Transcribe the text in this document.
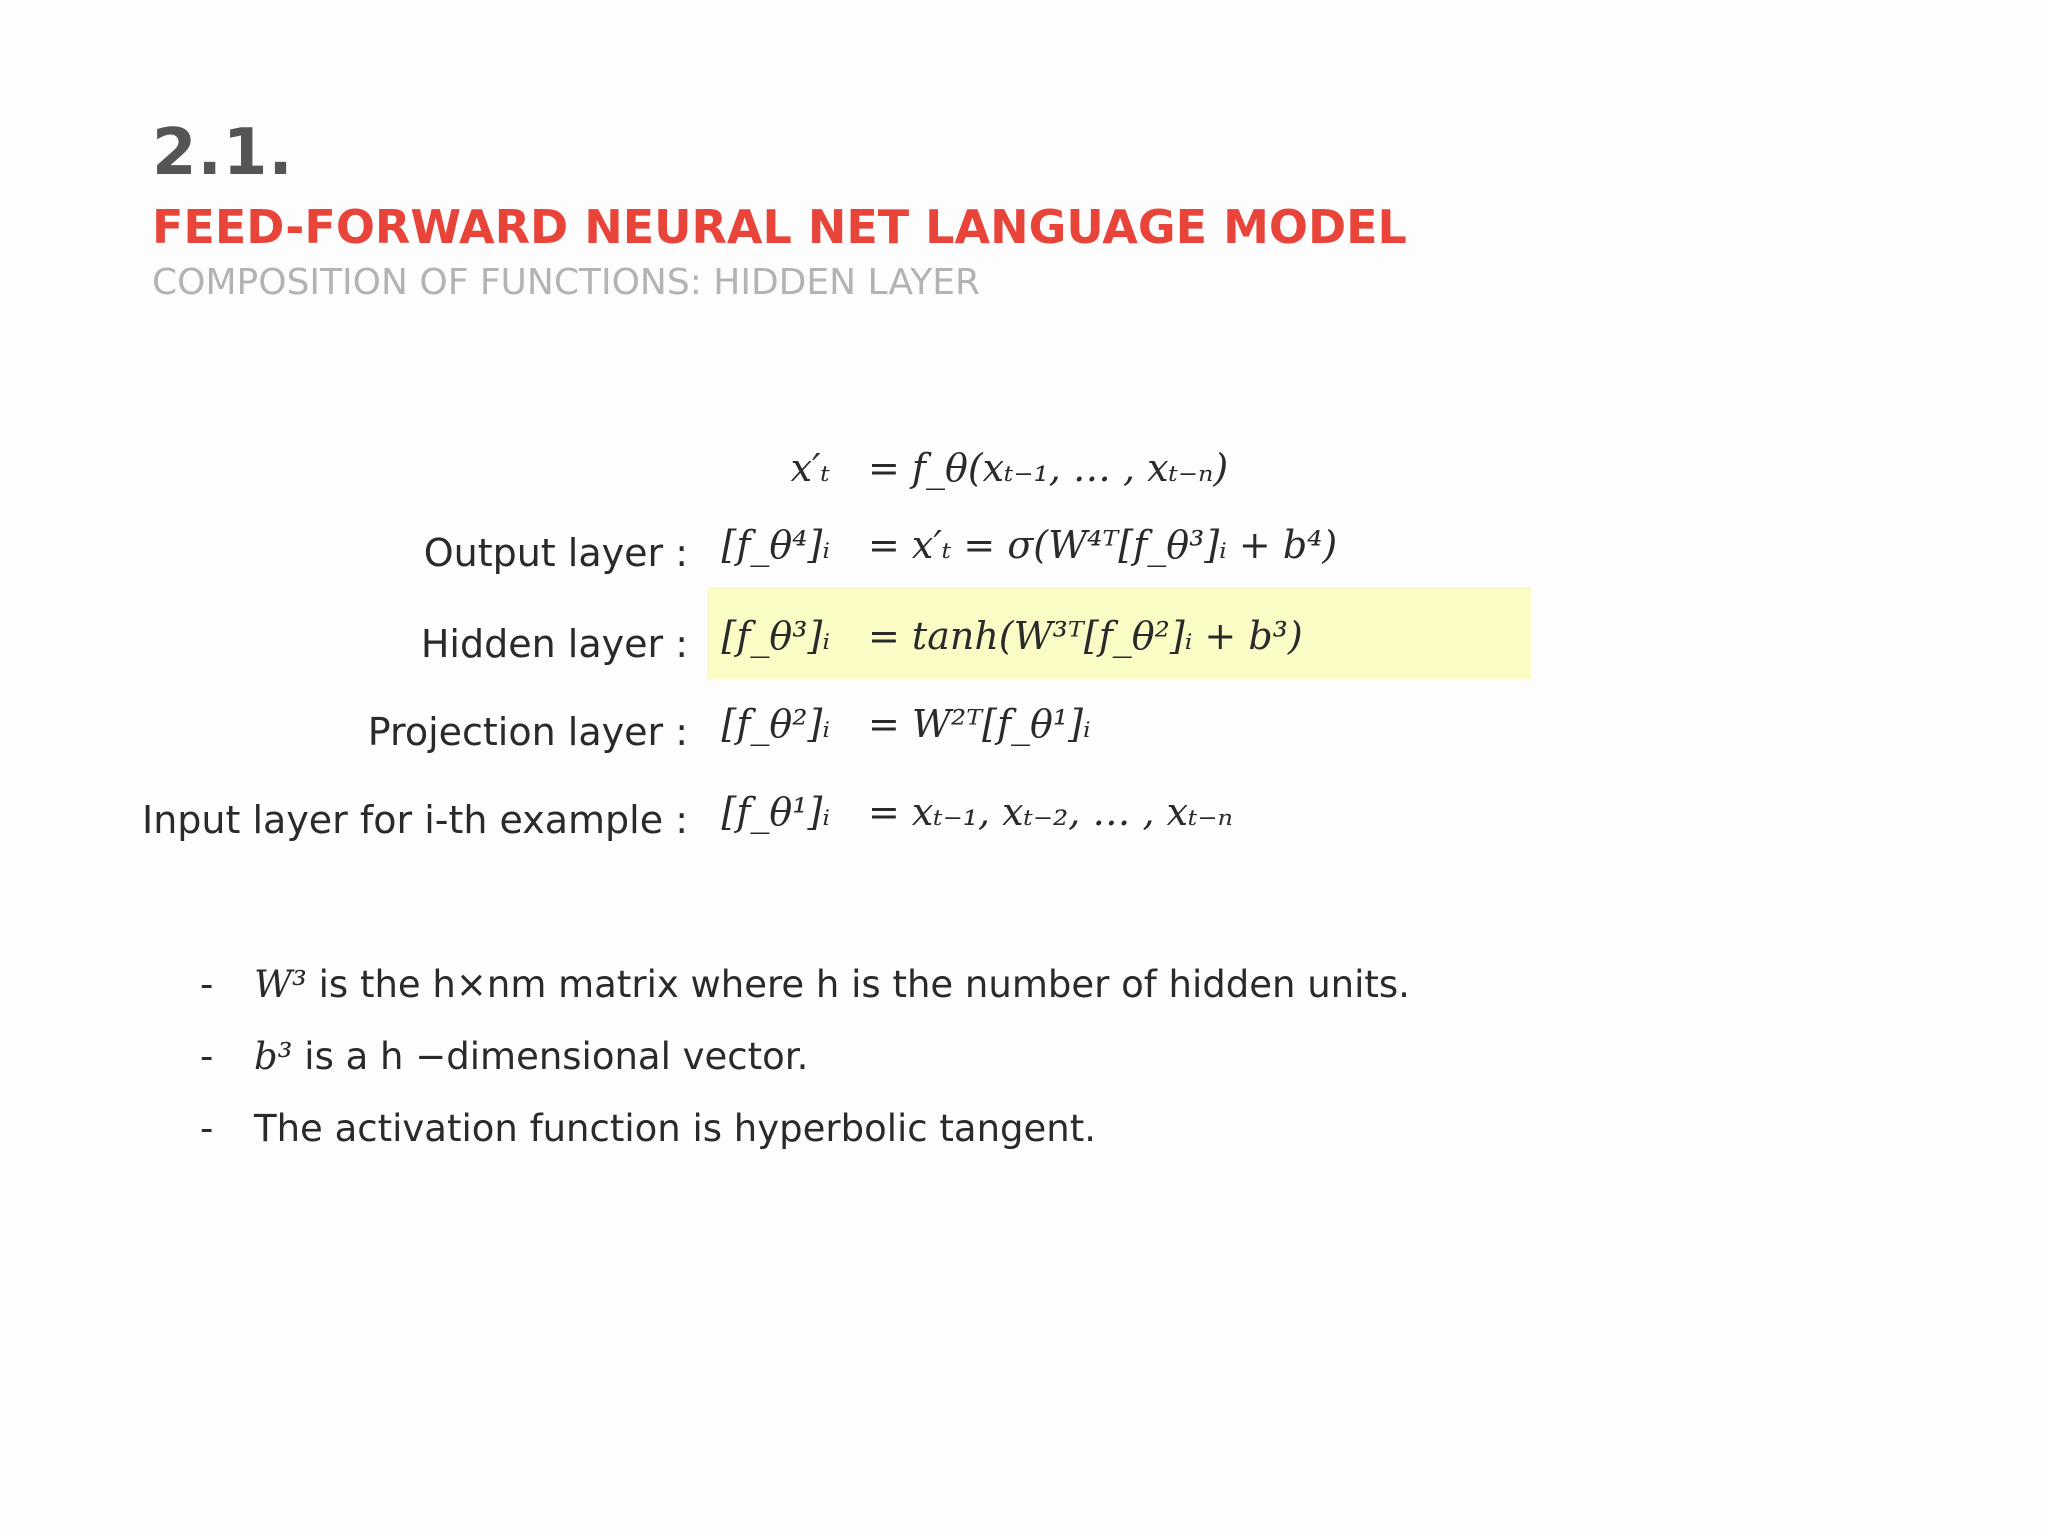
2.1.
FEED-FORWARD NEURAL NET LANGUAGE MODEL
COMPOSITION OF FUNCTIONS: HIDDEN LAYER
x′ₜ = f_θ(xₜ₋₁, … , xₜ₋ₙ)
Output layer : [f_θ⁴]ᵢ = x′ₜ = σ(W⁴ᵀ[f_θ³]ᵢ + b⁴)
Hidden layer : [f_θ³]ᵢ = tanh(W³ᵀ[f_θ²]ᵢ + b³)
Projection layer : [f_θ²]ᵢ = W²ᵀ[f_θ¹]ᵢ
Input layer for i-th example : [f_θ¹]ᵢ = xₜ₋₁, xₜ₋₂, … , xₜ₋ₙ
- W³ is the h×nm matrix where h is the number of hidden units.
- b³ is a h −dimensional vector.
- The activation function is hyperbolic tangent.
